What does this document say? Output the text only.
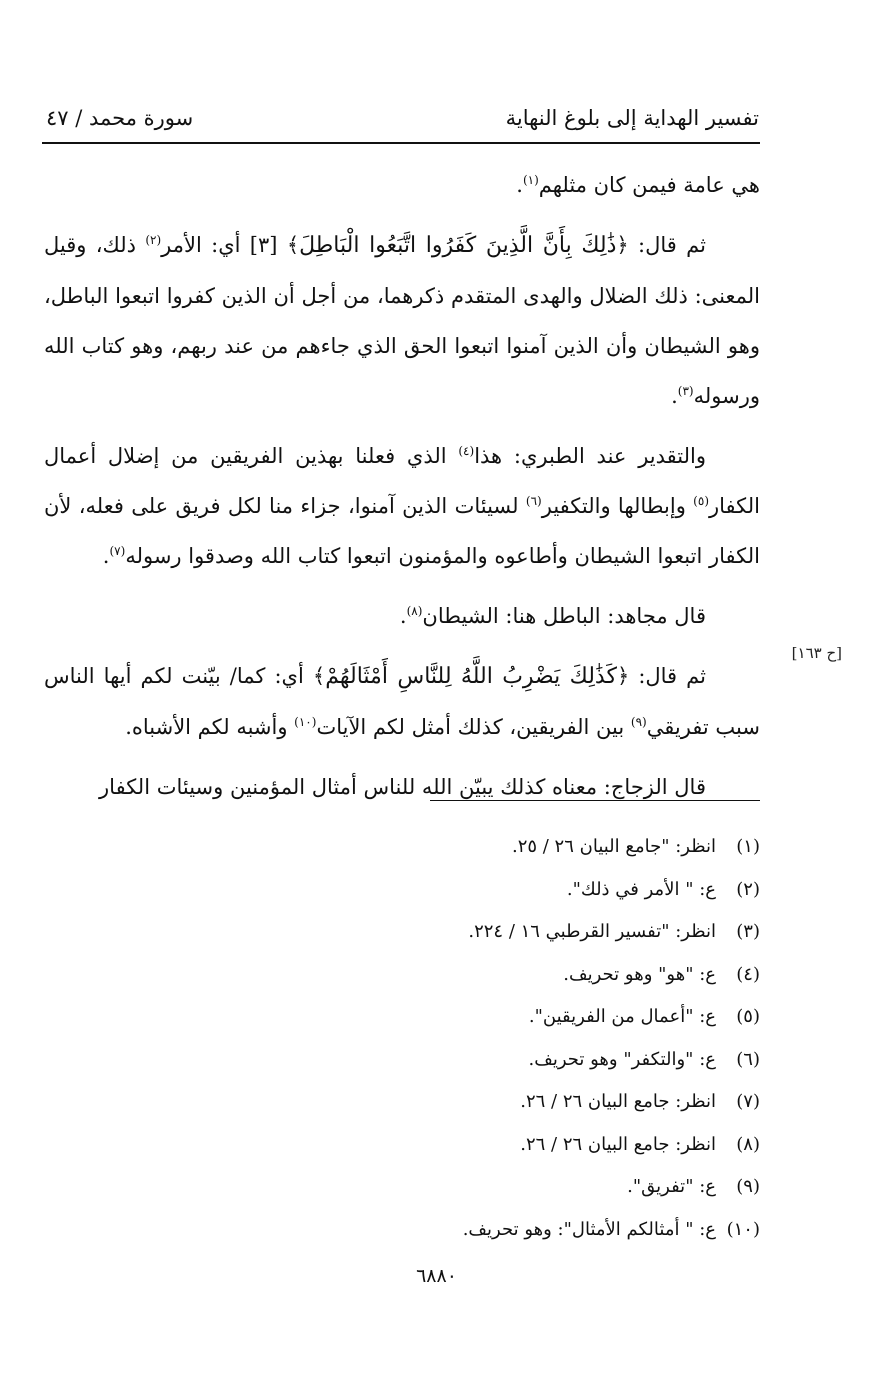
تفسير الهداية إلى بلوغ النهاية
سورة محمد / ٤٧
[ح ١٦٣]

هي عامة فيمن كان مثلهم$^{(١)}$.

ثم قال: ﴿ذَٰلِكَ بِأَنَّ الَّذِينَ كَفَرُوا اتَّبَعُوا الْبَاطِلَ﴾ [٣] أي: الأمر$^{(٢)}$ ذلك، وقيل المعنى: ذلك الضلال والهدى المتقدم ذكرهما، من أجل أن الذين كفروا اتبعوا الباطل، وهو الشيطان وأن الذين آمنوا اتبعوا الحق الذي جاءهم من عند ربهم، وهو كتاب الله ورسوله$^{(٣)}$.

والتقدير عند الطبري: هذا$^{(٤)}$ الذي فعلنا بهذين الفريقين من إضلال أعمال الكفار$^{(٥)}$ وإبطالها والتكفير$^{(٦)}$ لسيئات الذين آمنوا، جزاء منا لكل فريق على فعله، لأن الكفار اتبعوا الشيطان وأطاعوه والمؤمنون اتبعوا كتاب الله وصدقوا رسوله$^{(٧)}$.

قال مجاهد: الباطل هنا: الشيطان$^{(٨)}$.

ثم قال: ﴿كَذَٰلِكَ يَضْرِبُ اللَّهُ لِلنَّاسِ أَمْثَالَهُمْ﴾ أي: كما/ بيّنت لكم أيها الناس سبب تفريقي$^{(٩)}$ بين الفريقين، كذلك أمثل لكم الآيات$^{(١٠)}$ وأشبه لكم الأشباه.

قال الزجاج: معناه كذلك يبيّن الله للناس أمثال المؤمنين وسيئات الكفار

(١)انظر: "جامع البيان ٢٦ / ٢٥.
(٢)ع: " الأمر في ذلك".
(٣)انظر: "تفسير القرطبي ١٦ / ٢٢٤.
(٤)ع: "هو" وهو تحريف.
(٥)ع: "أعمال من الفريقين".
(٦)ع: "والتكفر" وهو تحريف.
(٧)انظر: جامع البيان ٢٦ / ٢٦.
(٨)انظر: جامع البيان ٢٦ / ٢٦.
(٩)ع: "تفريق".
(١٠)ع: " أمثالكم الأمثال": وهو تحريف.
٦٨٨٠
